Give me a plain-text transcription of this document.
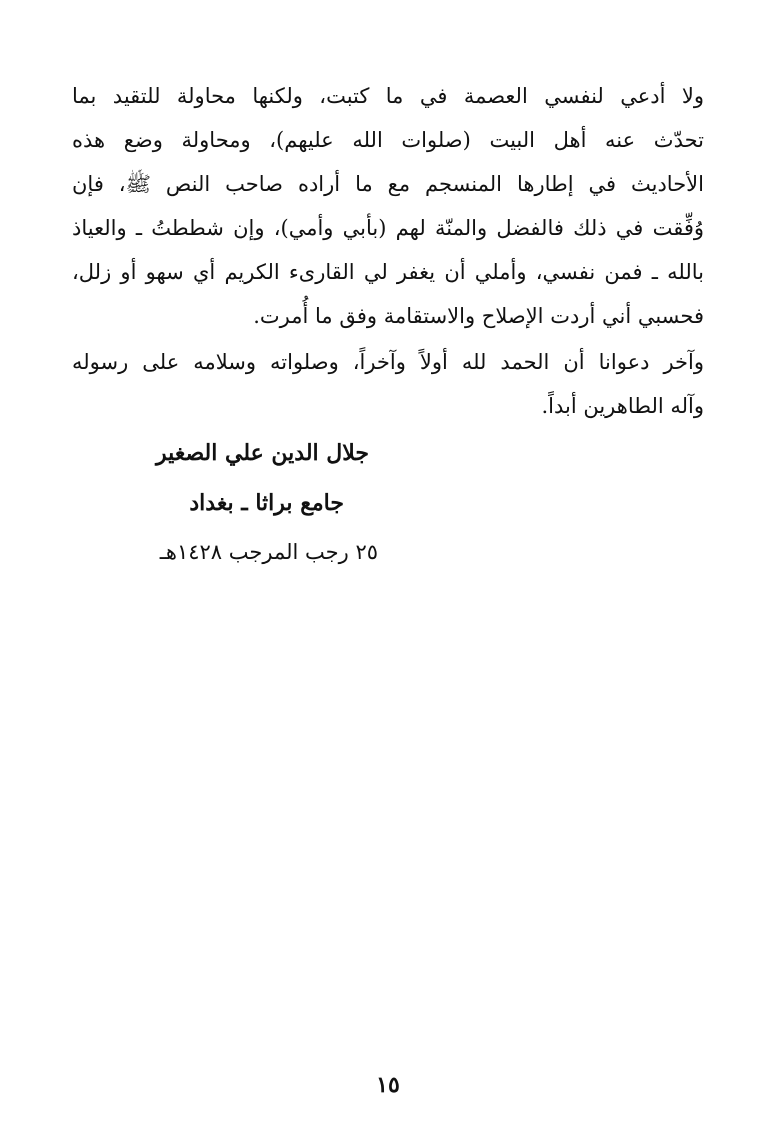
ولا أدعي لنفسي العصمة في ما كتبت، ولكنها محاولة للتقيد بما
تحدّث عنه أهل البيت (صلوات الله عليهم)، ومحاولة وضع هذه
الأحاديث في إطارها المنسجم مع ما أراده صاحب النص ﷺ، فإن
وُفِّقت في ذلك فالفضل والمنّة لهم (بأبي وأمي)، وإن شططتُ ـ والعياذ
بالله ـ فمن نفسي، وأملي أن يغفر لي القارىء الكريم أي سهو أو زلل،
فحسبي أني أردت الإصلاح والاستقامة وفق ما أُمرت.
وآخر دعوانا أن الحمد لله أولاً وآخراً، وصلواته وسلامه على رسوله
وآله الطاهرين أبداً.
جلال الدين علي الصغير
جامع براثا ـ بغداد
٢٥ رجب المرجب ١٤٢٨هـ
١٥
